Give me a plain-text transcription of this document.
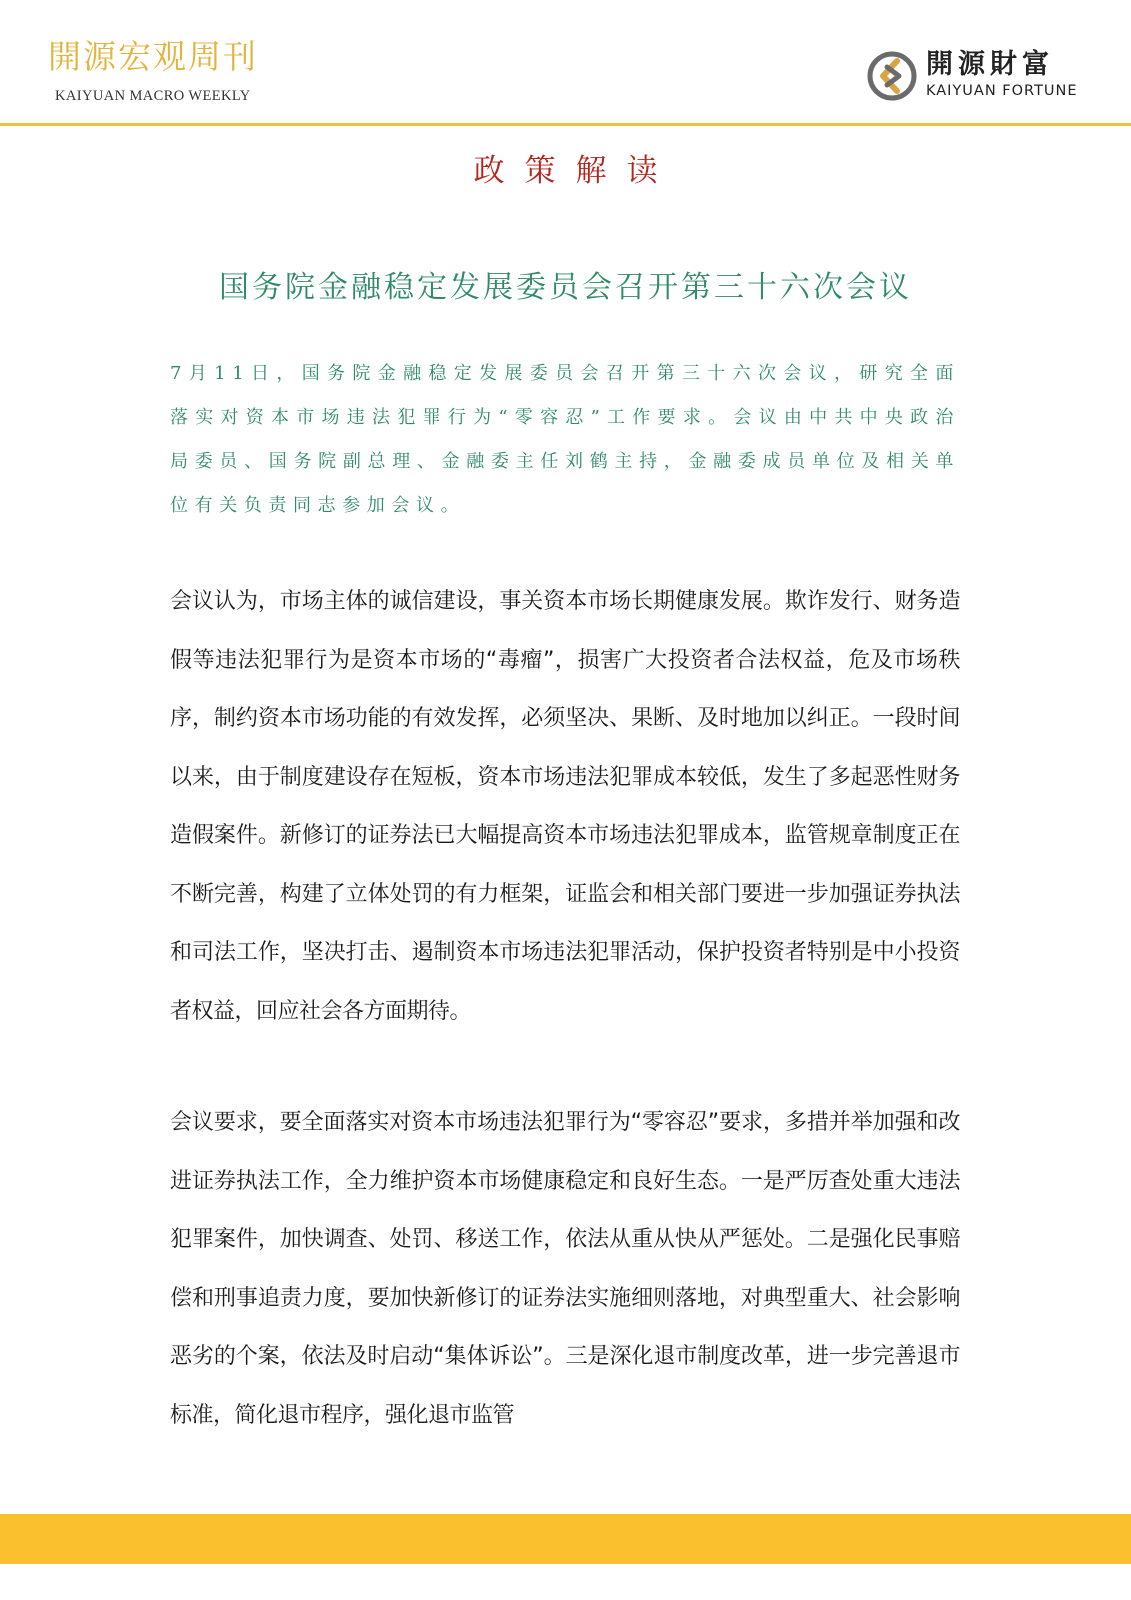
開源宏观周刊
KAIYUAN MACRO WEEKLY
開源財富
KAIYUAN FORTUNE
政策解读
国务院金融稳定发展委员会召开第三十六次会议

7月11日，国务院金融稳定发展委员会召开第三十六次会议，研究全面落实对资本市场违法犯罪行为“零容忍”工作要求。会议由中共中央政治局委员、国务院副总理、金融委主任刘鹤主持，金融委成员单位及相关单位有关负责同志参加会议。

会议认为，市场主体的诚信建设，事关资本市场长期健康发展。欺诈发行、财务造假等违法犯罪行为是资本市场的“毒瘤”，损害广大投资者合法权益，危及市场秩序，制约资本市场功能的有效发挥，必须坚决、果断、及时地加以纠正。一段时间以来，由于制度建设存在短板，资本市场违法犯罪成本较低，发生了多起恶性财务造假案件。新修订的证券法已大幅提高资本市场违法犯罪成本，监管规章制度正在不断完善，构建了立体处罚的有力框架，证监会和相关部门要进一步加强证券执法和司法工作，坚决打击、遏制资本市场违法犯罪活动，保护投资者特别是中小投资者权益，回应社会各方面期待。

会议要求，要全面落实对资本市场违法犯罪行为“零容忍”要求，多措并举加强和改进证券执法工作，全力维护资本市场健康稳定和良好生态。一是严厉查处重大违法犯罪案件，加快调查、处罚、移送工作，依法从重从快从严惩处。二是强化民事赔偿和刑事追责力度，要加快新修订的证券法实施细则落地，对典型重大、社会影响恶劣的个案，依法及时启动“集体诉讼”。三是深化退市制度改革，进一步完善退市标准，简化退市程序，强化退市监管
